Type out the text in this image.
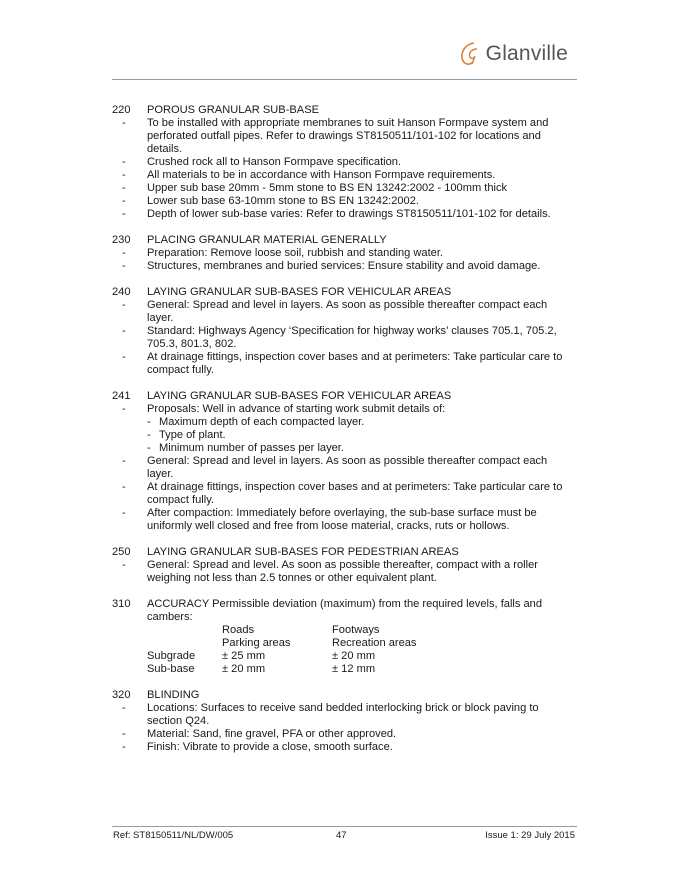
Glanville
220 POROUS GRANULAR SUB-BASE
- To be installed with appropriate membranes to suit Hanson Formpave system and perforated outfall pipes. Refer to drawings ST8150511/101-102 for locations and details.
- Crushed rock all to Hanson Formpave specification.
- All materials to be in accordance with Hanson Formpave requirements.
- Upper sub base 20mm - 5mm stone to BS EN 13242:2002 - 100mm thick
- Lower sub base 63-10mm stone to BS EN 13242:2002.
- Depth of lower sub-base varies: Refer to drawings ST8150511/101-102 for details.
230 PLACING GRANULAR MATERIAL GENERALLY
- Preparation: Remove loose soil, rubbish and standing water.
- Structures, membranes and buried services: Ensure stability and avoid damage.
240 LAYING GRANULAR SUB-BASES FOR VEHICULAR AREAS
- General: Spread and level in layers. As soon as possible thereafter compact each layer.
- Standard: Highways Agency ‘Specification for highway works’ clauses 705.1, 705.2, 705.3, 801.3, 802.
- At drainage fittings, inspection cover bases and at perimeters: Take particular care to compact fully.
241 LAYING GRANULAR SUB-BASES FOR VEHICULAR AREAS
- Proposals: Well in advance of starting work submit details of:
- Maximum depth of each compacted layer.
- Type of plant.
- Minimum number of passes per layer.
- General: Spread and level in layers. As soon as possible thereafter compact each layer.
- At drainage fittings, inspection cover bases and at perimeters: Take particular care to compact fully.
- After compaction: Immediately before overlaying, the sub-base surface must be uniformly well closed and free from loose material, cracks, ruts or hollows.
250 LAYING GRANULAR SUB-BASES FOR PEDESTRIAN AREAS
- General: Spread and level. As soon as possible thereafter, compact with a roller weighing not less than 2.5 tonnes or other equivalent plant.
310 ACCURACY Permissible deviation (maximum) from the required levels, falls and cambers:
	Roads	Footways
	Parking areas	Recreation areas
Subgrade	± 25 mm	± 20 mm
Sub-base	± 20 mm	± 12 mm
320 BLINDING
- Locations: Surfaces to receive sand bedded interlocking brick or block paving to section Q24.
- Material: Sand, fine gravel, PFA or other approved.
- Finish: Vibrate to provide a close, smooth surface.
Ref: ST8150511/NL/DW/005	47	Issue 1: 29 July 2015
